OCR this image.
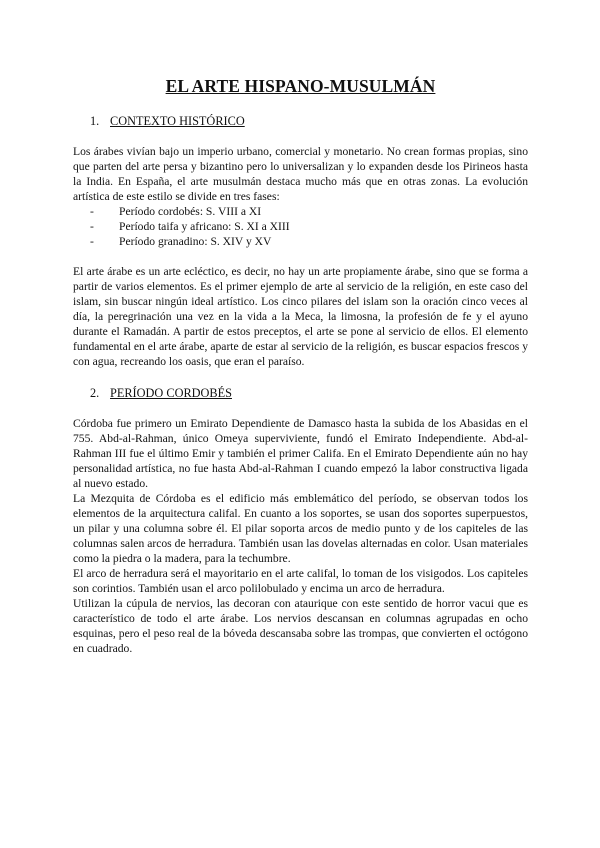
EL ARTE HISPANO-MUSULMÁN
1. CONTEXTO HISTÓRICO

Los árabes vivían bajo un imperio urbano, comercial y monetario. No crean formas propias, sino que parten del arte persa y bizantino pero lo universalizan y lo expanden desde los Pirineos hasta la India. En España, el arte musulmán destaca mucho más que en otras zonas. La evolución artística de este estilo se divide en tres fases:

-	Período cordobés: S. VIII a XI
-	Período taifa y africano: S. XI a XIII
-	Período granadino: S. XIV y XV

El arte árabe es un arte ecléctico, es decir, no hay un arte propiamente árabe, sino que se forma a partir de varios elementos. Es el primer ejemplo de arte al servicio de la religión, en este caso del islam, sin buscar ningún ideal artístico. Los cinco pilares del islam son la oración cinco veces al día, la peregrinación una vez en la vida a la Meca, la limosna, la profesión de fe y el ayuno durante el Ramadán. A partir de estos preceptos, el arte se pone al servicio de ellos. El elemento fundamental en el arte árabe, aparte de estar al servicio de la religión, es buscar espacios frescos y con agua, recreando los oasis, que eran el paraíso.

2. PERÍODO CORDOBÉS

Córdoba fue primero un Emirato Dependiente de Damasco hasta la subida de los Abasidas en el 755. Abd-al-Rahman, único Omeya superviviente, fundó el Emirato Independiente. Abd-al-Rahman III fue el último Emir y también el primer Califa. En el Emirato Dependiente aún no hay personalidad artística, no fue hasta Abd-al-Rahman I cuando empezó la labor constructiva ligada al nuevo estado.

La Mezquita de Córdoba es el edificio más emblemático del período, se observan todos los elementos de la arquitectura califal. En cuanto a los soportes, se usan dos soportes superpuestos, un pilar y una columna sobre él. El pilar soporta arcos de medio punto y de los capiteles de las columnas salen arcos de herradura. También usan las dovelas alternadas en color. Usan materiales como la piedra o la madera, para la techumbre.

El arco de herradura será el mayoritario en el arte califal, lo toman de los visigodos. Los capiteles son corintios. También usan el arco polilobulado y encima un arco de herradura.

Utilizan la cúpula de nervios, las decoran con ataurique con este sentido de horror vacui que es característico de todo el arte árabe. Los nervios descansan en columnas agrupadas en ocho esquinas, pero el peso real de la bóveda descansaba sobre las trompas, que convierten el octógono en cuadrado.
